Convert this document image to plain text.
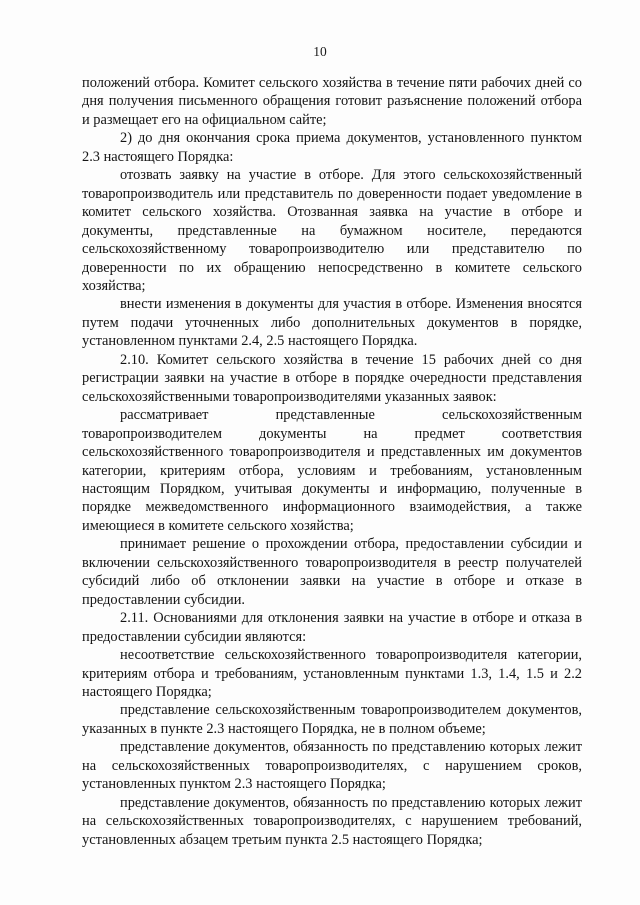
10

положений отбора. Комитет сельского хозяйства в течение пяти рабочих дней со дня получения письменного обращения готовит разъяснение положений отбора и размещает его на официальном сайте;

2) до дня окончания срока приема документов, установленного пунктом 2.3 настоящего Порядка:

отозвать заявку на участие в отборе. Для этого сельскохозяйственный товаропроизводитель или представитель по доверенности подает уведомление в комитет сельского хозяйства. Отозванная заявка на участие в отборе и документы, представленные на бумажном носителе, передаются сельскохозяйственному товаропроизводителю или представителю по доверенности по их обращению непосредственно в комитете сельского хозяйства;

внести изменения в документы для участия в отборе. Изменения вносятся путем подачи уточненных либо дополнительных документов в порядке, установленном пунктами 2.4, 2.5 настоящего Порядка.

2.10. Комитет сельского хозяйства в течение 15 рабочих дней со дня регистрации заявки на участие в отборе в порядке очередности представления сельскохозяйственными товаропроизводителями указанных заявок:

рассматривает представленные сельскохозяйственным товаропроизводителем документы на предмет соответствия сельскохозяйственного товаропроизводителя и представленных им документов категории, критериям отбора, условиям и требованиям, установленным настоящим Порядком, учитывая документы и информацию, полученные в порядке межведомственного информационного взаимодействия, а также имеющиеся в комитете сельского хозяйства;

принимает решение о прохождении отбора, предоставлении субсидии и включении сельскохозяйственного товаропроизводителя в реестр получателей субсидий либо об отклонении заявки на участие в отборе и отказе в предоставлении субсидии.

2.11. Основаниями для отклонения заявки на участие в отборе и отказа в предоставлении субсидии являются:

несоответствие сельскохозяйственного товаропроизводителя категории, критериям отбора и требованиям, установленным пунктами 1.3, 1.4, 1.5 и 2.2 настоящего Порядка;

представление сельскохозяйственным товаропроизводителем документов, указанных в пункте 2.3 настоящего Порядка, не в полном объеме;

представление документов, обязанность по представлению которых лежит на сельскохозяйственных товаропроизводителях, с нарушением сроков, установленных пунктом 2.3 настоящего Порядка;

представление документов, обязанность по представлению которых лежит на сельскохозяйственных товаропроизводителях, с нарушением требований, установленных абзацем третьим пункта 2.5 настоящего Порядка;
